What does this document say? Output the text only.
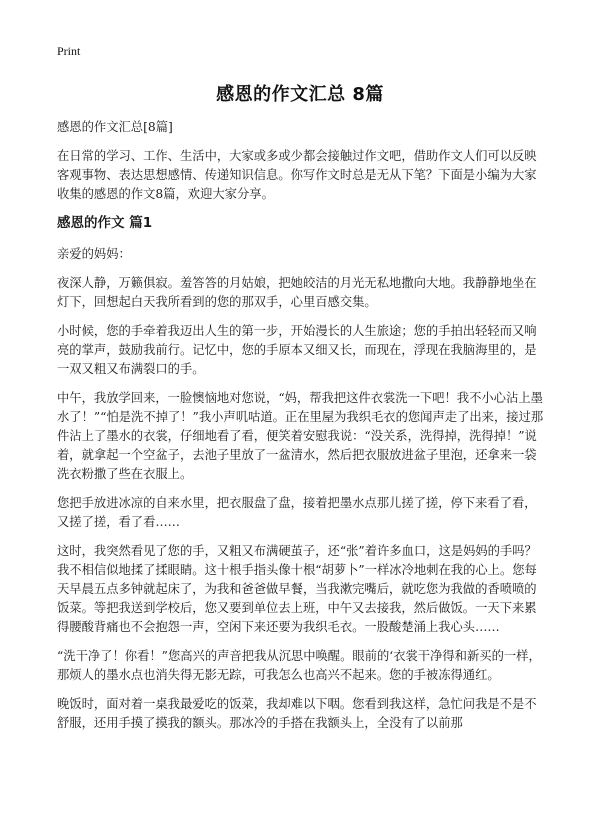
Print
感恩的作文汇总 8篇

感恩的作文汇总[8篇]

在日常的学习、工作、生活中，大家或多或少都会接触过作文吧，借助作文人们可以反映客观事物、表达思想感情、传递知识信息。你写作文时总是无从下笔？下面是小编为大家收集的感恩的作文8篇，欢迎大家分享。

感恩的作文 篇1

亲爱的妈妈：

夜深人静，万籁俱寂。羞答答的月姑娘，把她皎洁的月光无私地撒向大地。我静静地坐在灯下，回想起白天我所看到的您的那双手，心里百感交集。

小时候，您的手牵着我迈出人生的第一步，开始漫长的人生旅途；您的手拍出轻轻而又响亮的掌声，鼓励我前行。记忆中，您的手原本又细又长，而现在，浮现在我脑海里的，是一双又粗又布满裂口的手。

中午，我放学回来，一脸懊恼地对您说，“妈，帮我把这件衣裳洗一下吧！我不小心沾上墨水了！”“怕是洗不掉了！”我小声叽咕道。正在里屋为我织毛衣的您闻声走了出来，接过那件沾上了墨水的衣裳，仔细地看了看，便笑着安慰我说：“没关系，洗得掉，洗得掉！”说着，就拿起一个空盆子，去池子里放了一盆清水，然后把衣服放进盆子里泡，还拿来一袋洗衣粉撒了些在衣服上。

您把手放进冰凉的自来水里，把衣服盘了盘，接着把墨水点那儿搓了搓，停下来看了看，又搓了搓，看了看……

这时，我突然看见了您的手，又粗又布满硬茧子，还“张”着许多血口，这是妈妈的手吗？我不相信似地揉了揉眼睛。这十根手指头像十根“胡萝卜”一样冰冷地刺在我的心上。您每天早晨五点多钟就起床了，为我和爸爸做早餐，当我漱完嘴后，就吃您为我做的香喷喷的饭菜。等把我送到学校后，您又要到单位去上班，中午又去接我，然后做饭。一天下来累得腰酸背痛也不会抱怨一声，空闲下来还要为我织毛衣。一股酸楚涌上我心头……

“洗干净了！你看！”您高兴的声音把我从沉思中唤醒。眼前的‘衣裳干净得和新买的一样，那烦人的墨水点也消失得无影无踪，可我怎么也高兴不起来。您的手被冻得通红。

晚饭时，面对着一桌我最爱吃的饭菜，我却难以下咽。您看到我这样，急忙问我是不是不舒服，还用手摸了摸我的额头。那冰冷的手搭在我额头上，全没有了以前那
